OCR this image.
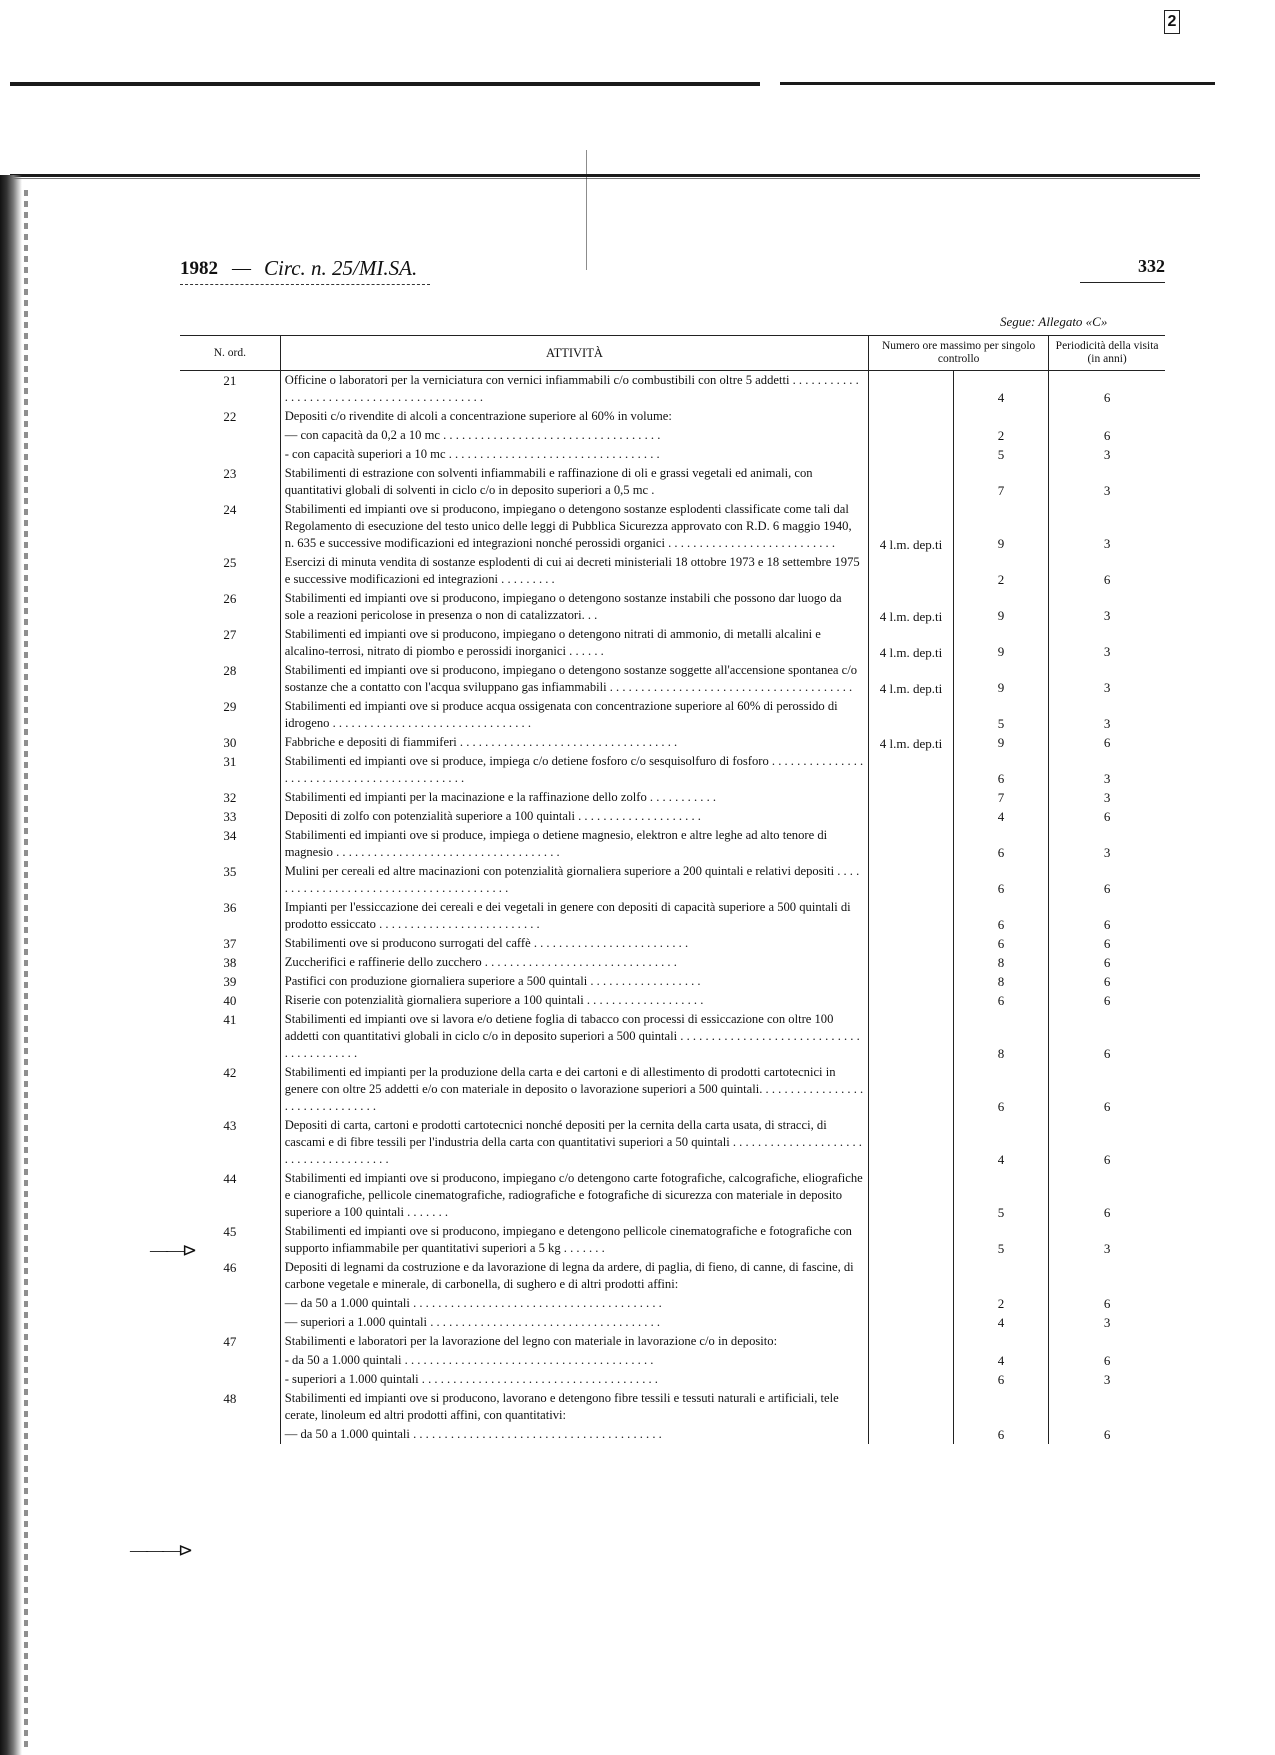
2
1982 — Circ. n. 25/MI.SA.	332
Segue: Allegato «C»
N. ord.	ATTIVITÀ	Numero ore massimo per singolo controllo		Periodicità della visita (in anni)
21	Officine o laboratori per la verniciatura con vernici infiammabili c/o combustibili con oltre 5 addetti . . . . . . . . . . . . . . . . . . . . . . . . . . . . . . . . . . . . . . . . . . .		4	6
22	Depositi c/o rivendite di alcoli a concentrazione superiore al 60% in volume:			
	— con capacità da 0,2 a 10 mc . . . . . . . . . . . . . . . . . . . . . . . . . . . . . . . . . . .		2	6
	- con capacità superiori a 10 mc . . . . . . . . . . . . . . . . . . . . . . . . . . . . . . . . . .		5	3
23	Stabilimenti di estrazione con solventi infiammabili e raffinazione di oli e grassi vegetali ed animali, con quantitativi globali di solventi in ciclo c/o in deposito superiori a 0,5 mc .		7	3
24	Stabilimenti ed impianti ove si producono, impiegano o detengono sostanze esplodenti classificate come tali dal Regolamento di esecuzione del testo unico delle leggi di Pubblica Sicurezza approvato con R.D. 6 maggio 1940, n. 635 e successive modificazioni ed integrazioni nonché perossidi organici . . . . . . . . . . . . . . . . . . . . . . . . . . .	4 l.m. dep.ti	9	3
25	Esercizi di minuta vendita di sostanze esplodenti di cui ai decreti ministeriali 18 ottobre 1973 e 18 settembre 1975 e successive modificazioni ed integrazioni . . . . . . . . .		2	6
26	Stabilimenti ed impianti ove si producono, impiegano o detengono sostanze instabili che possono dar luogo da sole a reazioni pericolose in presenza o non di catalizzatori. . .	4 l.m. dep.ti	9	3
27	Stabilimenti ed impianti ove si producono, impiegano o detengono nitrati di ammonio, di metalli alcalini e alcalino-terrosi, nitrato di piombo e perossidi inorganici . . . . . .	4 l.m. dep.ti	9	3
28	Stabilimenti ed impianti ove si producono, impiegano o detengono sostanze soggette all'accensione spontanea c/o sostanze che a contatto con l'acqua sviluppano gas infiammabili . . . . . . . . . . . . . . . . . . . . . . . . . . . . . . . . . . . . . . .	4 l.m. dep.ti	9	3
29	Stabilimenti ed impianti ove si produce acqua ossigenata con concentrazione superiore al 60% di perossido di idrogeno . . . . . . . . . . . . . . . . . . . . . . . . . . . . . . . .		5	3
30	Fabbriche e depositi di fiammiferi . . . . . . . . . . . . . . . . . . . . . . . . . . . . . . . . . . .	4 l.m. dep.ti	9	6
31	Stabilimenti ed impianti ove si produce, impiega c/o detiene fosforo c/o sesquisolfuro di fosforo . . . . . . . . . . . . . . . . . . . . . . . . . . . . . . . . . . . . . . . . . . . .		6	3
32	Stabilimenti ed impianti per la macinazione e la raffinazione dello zolfo . . . . . . . . . . .		7	3
33	Depositi di zolfo con potenzialità superiore a 100 quintali . . . . . . . . . . . . . . . . . . . .		4	6
34	Stabilimenti ed impianti ove si produce, impiega o detiene magnesio, elektron e altre leghe ad alto tenore di magnesio . . . . . . . . . . . . . . . . . . . . . . . . . . . . . . . . . . . .		6	3
35	Mulini per cereali ed altre macinazioni con potenzialità giornaliera superiore a 200 quintali e relativi depositi . . . . . . . . . . . . . . . . . . . . . . . . . . . . . . . . . . . . . . . .		6	6
36	Impianti per l'essiccazione dei cereali e dei vegetali in genere con depositi di capacità superiore a 500 quintali di prodotto essiccato . . . . . . . . . . . . . . . . . . . . . . . . . .		6	6
37	Stabilimenti ove si producono surrogati del caffè . . . . . . . . . . . . . . . . . . . . . . . . .		6	6
38	Zuccherifici e raffinerie dello zucchero . . . . . . . . . . . . . . . . . . . . . . . . . . . . . . .		8	6
39	Pastifici con produzione giornaliera superiore a 500 quintali . . . . . . . . . . . . . . . . . .		8	6
40	Riserie con potenzialità giornaliera superiore a 100 quintali . . . . . . . . . . . . . . . . . . .		6	6
41	Stabilimenti ed impianti ove si lavora e/o detiene foglia di tabacco con processi di essiccazione con oltre 100 addetti con quantitativi globali in ciclo c/o in deposito superiori a 500 quintali . . . . . . . . . . . . . . . . . . . . . . . . . . . . . . . . . . . . . . . . .		8	6
42	Stabilimenti ed impianti per la produzione della carta e dei cartoni e di allestimento di prodotti cartotecnici in genere con oltre 25 addetti e/o con materiale in deposito o lavorazione superiori a 500 quintali. . . . . . . . . . . . . . . . . . . . . . . . . . . . . . . .		6	6
43	Depositi di carta, cartoni e prodotti cartotecnici nonché depositi per la cernita della carta usata, di stracci, di cascami e di fibre tessili per l'industria della carta con quantitativi superiori a 50 quintali . . . . . . . . . . . . . . . . . . . . . . . . . . . . . . . . . . . . . .		4	6
44	Stabilimenti ed impianti ove si producono, impiegano c/o detengono carte fotografiche, calcografiche, eliografiche e cianografiche, pellicole cinematografiche, radiografiche e fotografiche di sicurezza con materiale in deposito superiore a 100 quintali . . . . . . .		5	6
45	Stabilimenti ed impianti ove si producono, impiegano e detengono pellicole cinematografiche e fotografiche con supporto infiammabile per quantitativi superiori a 5 kg . . . . . . .		5	3
46	Depositi di legnami da costruzione e da lavorazione di legna da ardere, di paglia, di fieno, di canne, di fascine, di carbone vegetale e minerale, di carbonella, di sughero e di altri prodotti affini:			
	— da 50 a 1.000 quintali . . . . . . . . . . . . . . . . . . . . . . . . . . . . . . . . . . . . . . . .		2	6
	— superiori a 1.000 quintali . . . . . . . . . . . . . . . . . . . . . . . . . . . . . . . . . . . . .		4	3
47	Stabilimenti e laboratori per la lavorazione del legno con materiale in lavorazione c/o in deposito:			
	- da 50 a 1.000 quintali . . . . . . . . . . . . . . . . . . . . . . . . . . . . . . . . . . . . . . . .		4	6
	- superiori a 1.000 quintali . . . . . . . . . . . . . . . . . . . . . . . . . . . . . . . . . . . . . .		6	3
48	Stabilimenti ed impianti ove si producono, lavorano e detengono fibre tessili e tessuti naturali e artificiali, tele cerate, linoleum ed altri prodotti affini, con quantitativi:			
	— da 50 a 1.000 quintali . . . . . . . . . . . . . . . . . . . . . . . . . . . . . . . . . . . . . . . .		6	6
——⊳
———⊳
